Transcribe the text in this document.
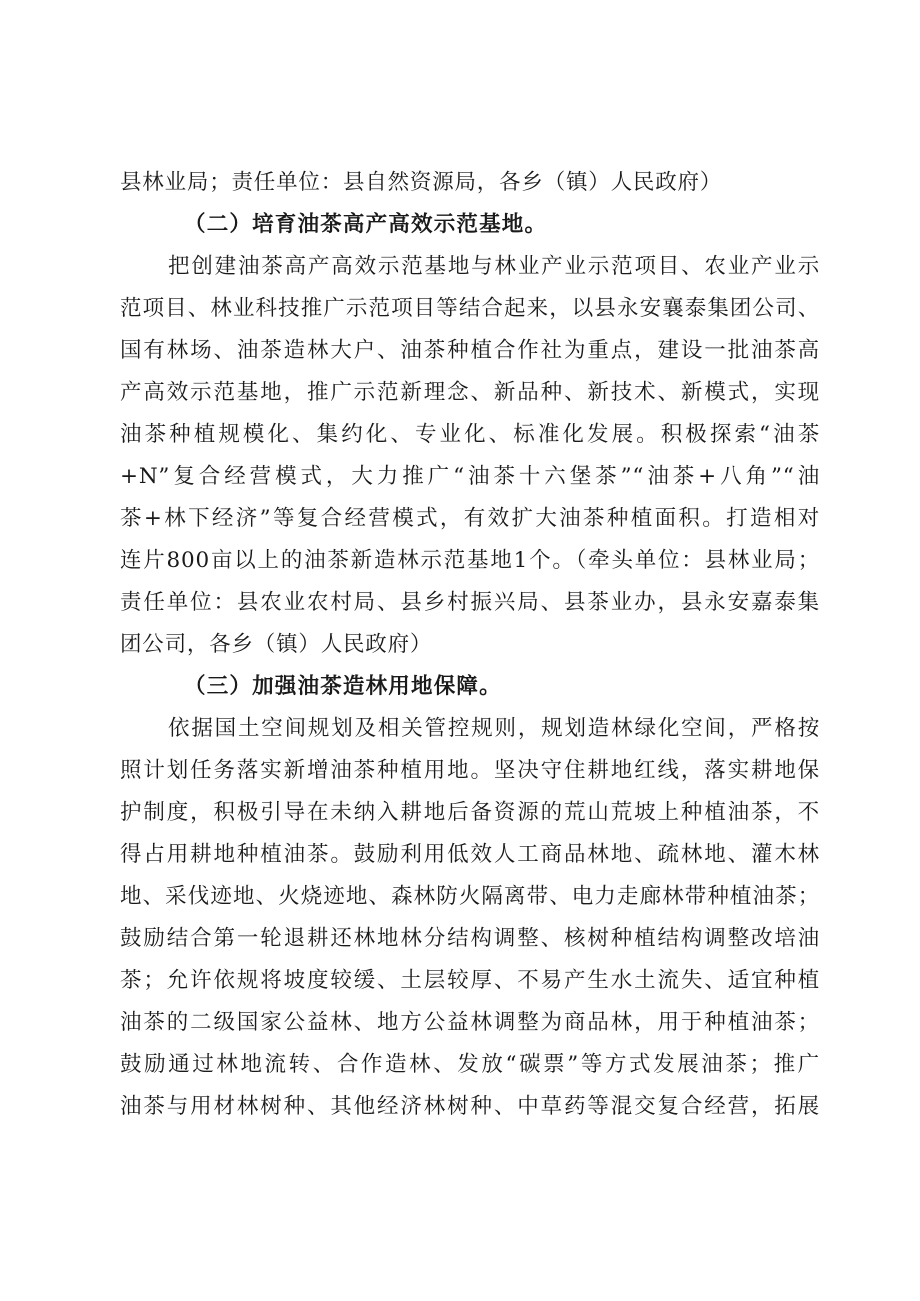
县林业局；责任单位：县自然资源局，各乡（镇）人民政府）
（二）培育油茶高产高效示范基地。
把创建油茶高产高效示范基地与林业产业示范项目、农业产业示
范项目、林业科技推广示范项目等结合起来，以县永安襄泰集团公司、
国有林场、油茶造林大户、油茶种植合作社为重点，建设一批油茶高
产高效示范基地，推广示范新理念、新品种、新技术、新模式，实现
油茶种植规模化、集约化、专业化、标准化发展。积极探索“油茶
+N”复合经营模式，大力推广“油茶十六堡茶”“油茶+八角”“油
茶+林下经济”等复合经营模式，有效扩大油茶种植面积。打造相对
连片800亩以上的油茶新造林示范基地1个。（牵头单位：县林业局；
责任单位：县农业农村局、县乡村振兴局、县茶业办，县永安嘉泰集
团公司，各乡（镇）人民政府）
（三）加强油茶造林用地保障。
依据国土空间规划及相关管控规则，规划造林绿化空间，严格按
照计划任务落实新增油茶种植用地。坚决守住耕地红线，落实耕地保
护制度，积极引导在未纳入耕地后备资源的荒山荒坡上种植油茶，不
得占用耕地种植油茶。鼓励利用低效人工商品林地、疏林地、灌木林
地、采伐迹地、火烧迹地、森林防火隔离带、电力走廊林带种植油茶；
鼓励结合第一轮退耕还林地林分结构调整、核树种植结构调整改培油
茶；允许依规将坡度较缓、土层较厚、不易产生水土流失、适宜种植
油茶的二级国家公益林、地方公益林调整为商品林，用于种植油茶；
鼓励通过林地流转、合作造林、发放“碳票”等方式发展油茶；推广
油茶与用材林树种、其他经济林树种、中草药等混交复合经营，拓展
